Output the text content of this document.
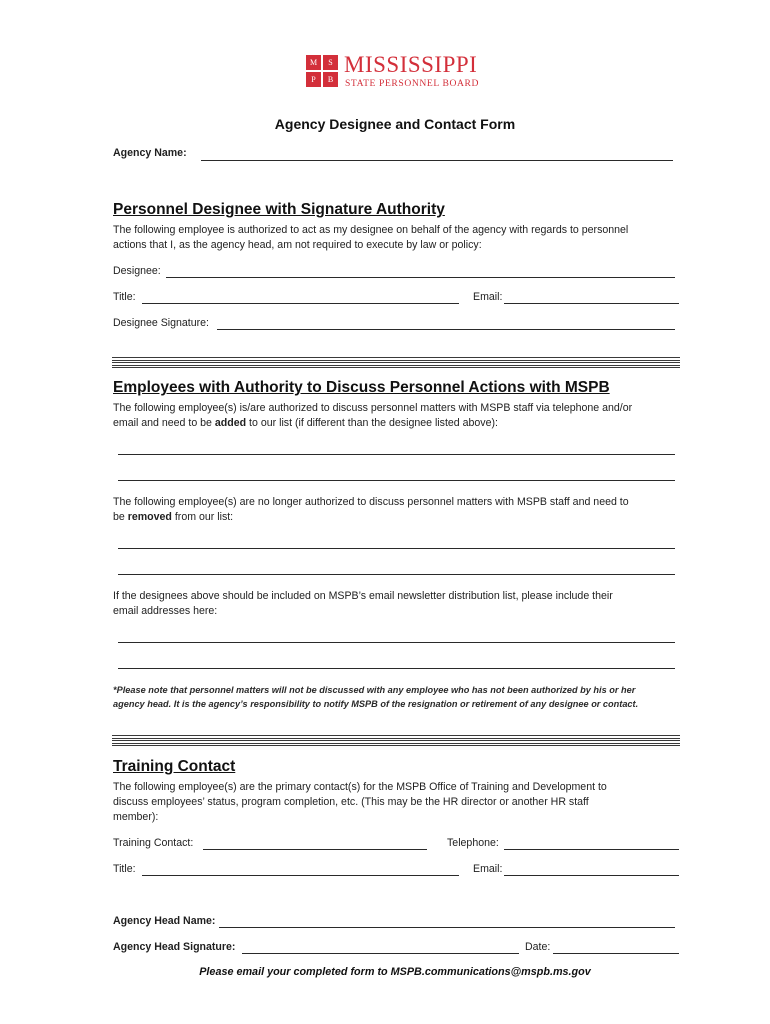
M	S
P	B
MISSISSIPPI
STATE PERSONNEL BOARD
Agency Designee and Contact Form
Agency Name:
Personnel Designee with Signature Authority
The following employee is authorized to act as my designee on behalf of the agency with regards to personnel
actions that I, as the agency head, am not required to execute by law or policy:
Designee:
Title:	Email:
Designee Signature:
Employees with Authority to Discuss Personnel Actions with MSPB
The following employee(s) is/are authorized to discuss personnel matters with MSPB staff via telephone and/or
email and need to be added to our list (if different than the designee listed above):
The following employee(s) are no longer authorized to discuss personnel matters with MSPB staff and need to
be removed from our list:
If the designees above should be included on MSPB’s email newsletter distribution list, please include their
email addresses here:
*Please note that personnel matters will not be discussed with any employee who has not been authorized by his or her
agency head. It is the agency’s responsibility to notify MSPB of the resignation or retirement of any designee or contact.
Training Contact
The following employee(s) are the primary contact(s) for the MSPB Office of Training and Development to
discuss employees’ status, program completion, etc. (This may be the HR director or another HR staff
member):
Training Contact:	Telephone:
Title:	Email:
Agency Head Name:
Agency Head Signature:	Date:
Please email your completed form to MSPB.communications@mspb.ms.gov
